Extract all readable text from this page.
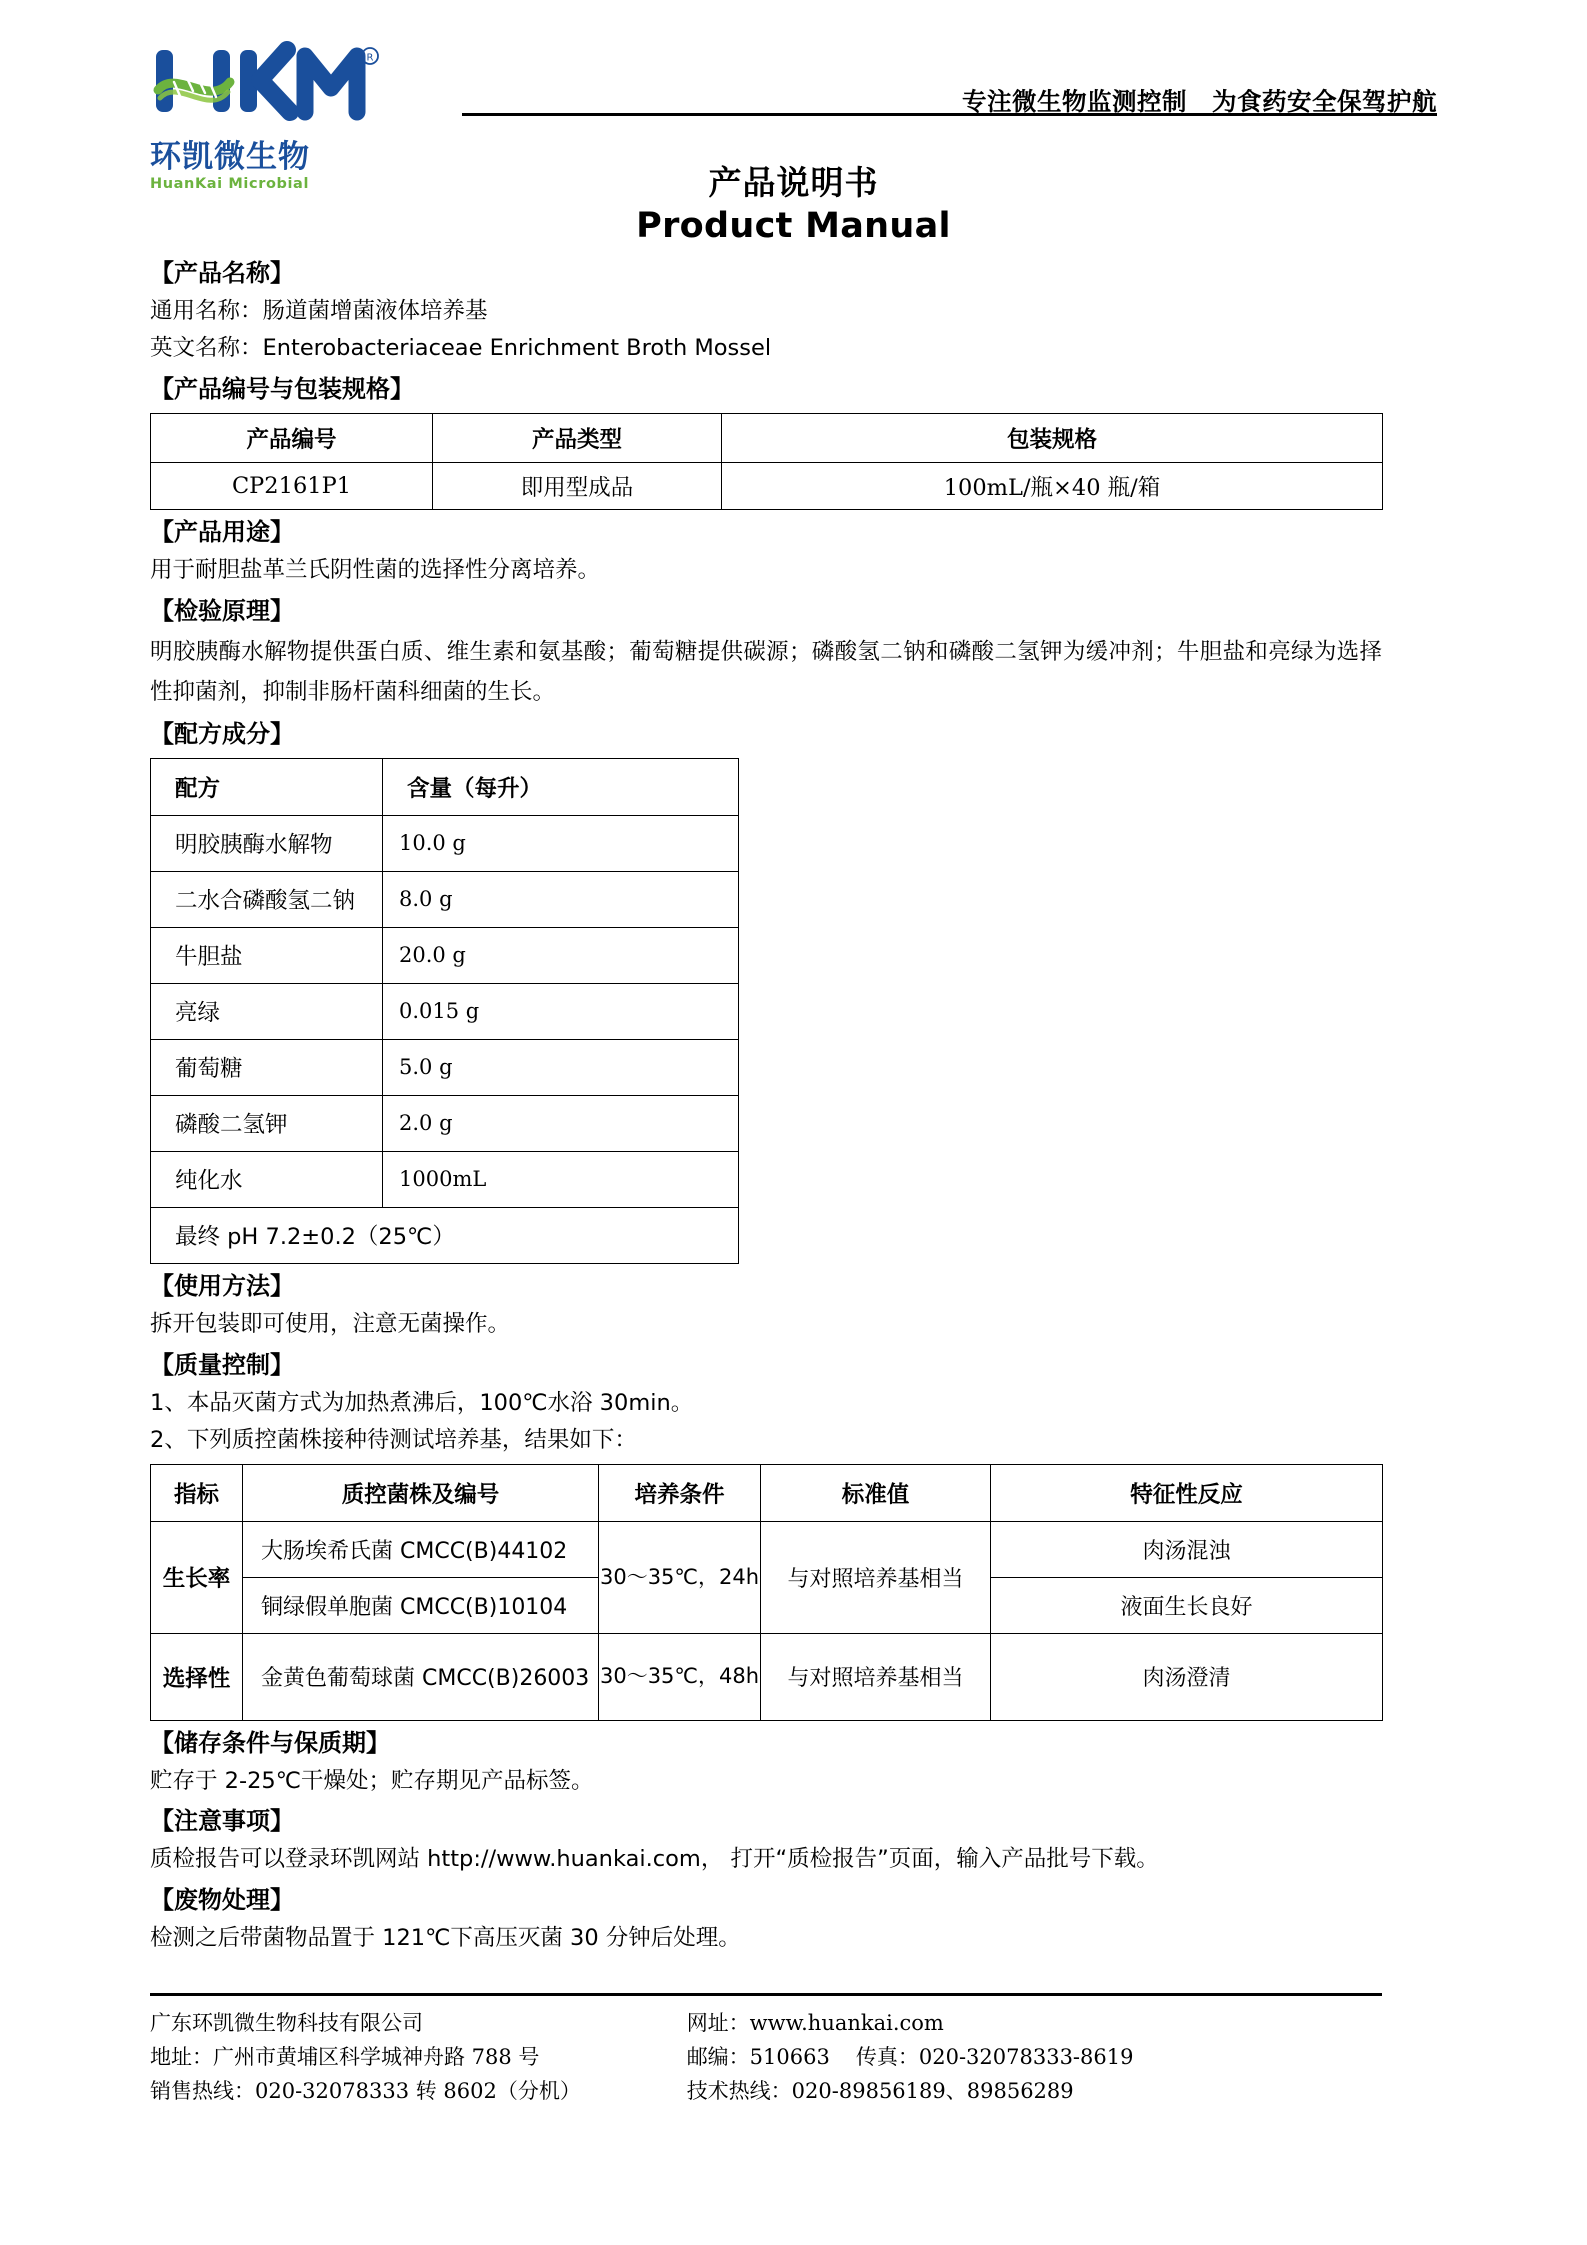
R
环凯微生物
HuanKai Microbial
专注微生物监测控制　为食药安全保驾护航
产品说明书
Product Manual
【产品名称】
通用名称：肠道菌增菌液体培养基
英文名称：Enterobacteriaceae Enrichment Broth Mossel
【产品编号与包装规格】
产品编号	产品类型	包装规格
CP2161P1	即用型成品	100mL/瓶×40 瓶/箱
【产品用途】
用于耐胆盐革兰氏阴性菌的选择性分离培养。
【检验原理】
明胶胰酶水解物提供蛋白质、维生素和氨基酸；葡萄糖提供碳源；磷酸氢二钠和磷酸二氢钾为缓冲剂；牛胆盐和亮绿为选择性抑菌剂，抑制非肠杆菌科细菌的生长。
【配方成分】
配方	含量（每升）
明胶胰酶水解物	10.0 g
二水合磷酸氢二钠	8.0 g
牛胆盐	20.0 g
亮绿	0.015 g
葡萄糖	5.0 g
磷酸二氢钾	2.0 g
纯化水	1000mL
最终 pH 7.2±0.2（25℃）	
【使用方法】
拆开包装即可使用，注意无菌操作。
【质量控制】
1、本品灭菌方式为加热煮沸后，100℃水浴 30min。
2、下列质控菌株接种待测试培养基，结果如下：
指标	质控菌株及编号	培养条件	标准值	特征性反应
生长率	大肠埃希氏菌 CMCC(B)44102	30～35℃，24h	与对照培养基相当	肉汤混浊
	铜绿假单胞菌 CMCC(B)10104			液面生长良好
选择性	金黄色葡萄球菌 CMCC(B)26003	30～35℃，48h	与对照培养基相当	肉汤澄清
【储存条件与保质期】
贮存于 2-25℃干燥处；贮存期见产品标签。
【注意事项】
质检报告可以登录环凯网站 http://www.huankai.com， 打开“质检报告”页面，输入产品批号下载。
【废物处理】
检测之后带菌物品置于 121℃下高压灭菌 30 分钟后处理。
广东环凯微生物科技有限公司
地址：广州市黄埔区科学城神舟路 788 号
销售热线：020-32078333 转 8602（分机）

网址：www.huankai.com
邮编：510663 传真：020-32078333-8619
技术热线：020-89856189、89856289
